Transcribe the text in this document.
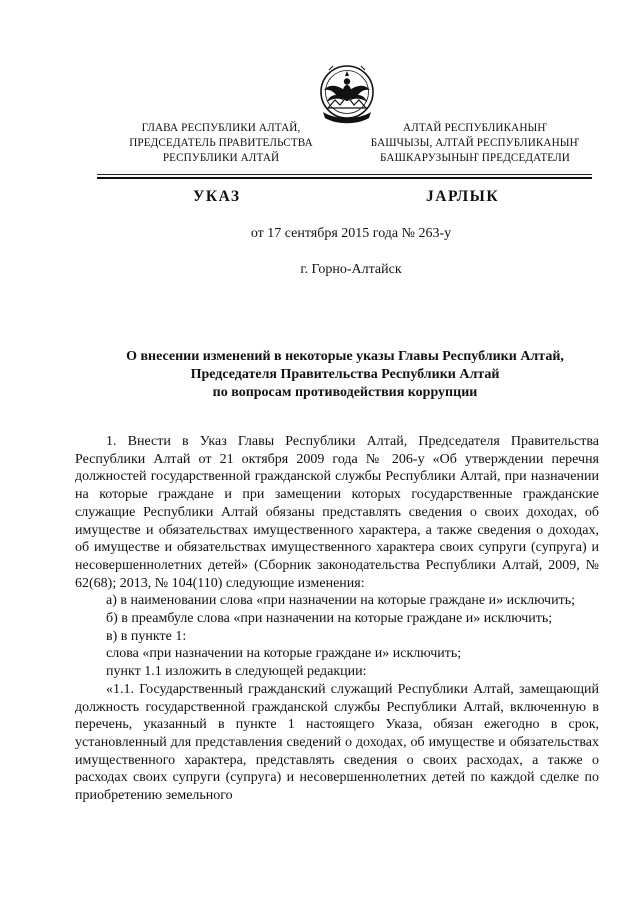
ГЛАВА РЕСПУБЛИКИ АЛТАЙ,
ПРЕДСЕДАТЕЛЬ ПРАВИТЕЛЬСТВА
РЕСПУБЛИКИ АЛТАЙ
АЛТАЙ РЕСПУБЛИКАНЫҤ
БАШЧЫЗЫ, АЛТАЙ РЕСПУБЛИКАНЫҤ
БАШКАРУЗЫНЫҤ ПРЕДСЕДАТЕЛИ
УКАЗ	ЈАРЛЫК
от 17 сентября 2015 года № 263-у
г. Горно-Алтайск
О внесении изменений в некоторые указы Главы Республики Алтай,
Председателя Правительства Республики Алтай
по вопросам противодействия коррупции

1. Внести в Указ Главы Республики Алтай, Председателя Правительства Республики Алтай от 21 октября 2009 года № 206-у «Об утверждении перечня должностей государственной гражданской службы Республики Алтай, при назначении на которые граждане и при замещении которых государственные гражданские служащие Республики Алтай обязаны представлять сведения о своих доходах, об имуществе и обязательствах имущественного характера, а также сведения о доходах, об имуществе и обязательствах имущественного характера своих супруги (супруга) и несовершеннолетних детей» (Сборник законодательства Республики Алтай, 2009, № 62(68); 2013, № 104(110) следующие изменения:

а) в наименовании слова «при назначении на которые граждане и» исключить;

б) в преамбуле слова «при назначении на которые граждане и» исключить;

в) в пункте 1:

слова «при назначении на которые граждане и» исключить;

пункт 1.1 изложить в следующей редакции:

«1.1. Государственный гражданский служащий Республики Алтай, замещающий должность государственной гражданской службы Республики Алтай, включенную в перечень, указанный в пункте 1 настоящего Указа, обязан ежегодно в срок, установленный для представления сведений о доходах, об имуществе и обязательствах имущественного характера, представлять сведения о своих расходах, а также о расходах своих супруги (супруга) и несовершеннолетних детей по каждой сделке по приобретению земельного
